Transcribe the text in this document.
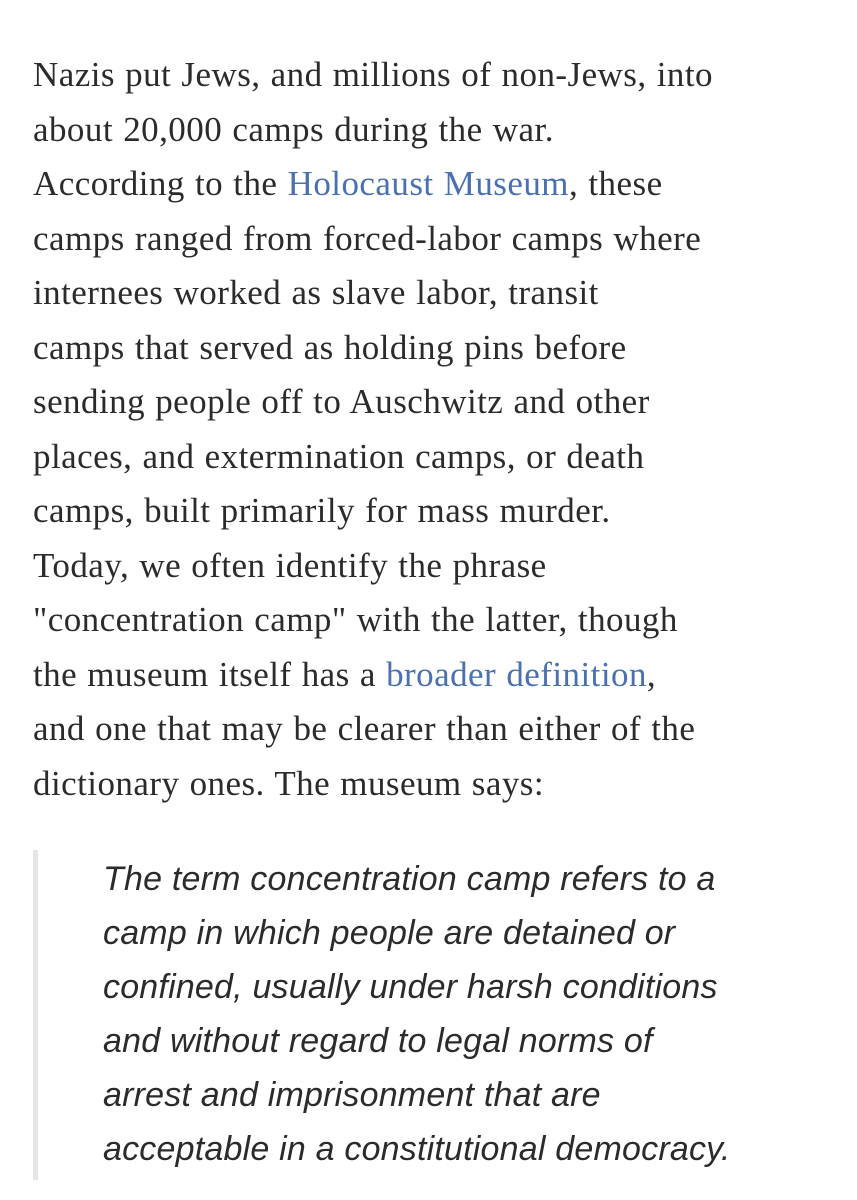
Nazis put Jews, and millions of non-Jews, into
about 20,000 camps during the war.
According to the Holocaust Museum, these
camps ranged from forced-labor camps where
internees worked as slave labor, transit
camps that served as holding pins before
sending people off to Auschwitz and other
places, and extermination camps, or death
camps, built primarily for mass murder.
Today, we often identify the phrase
"concentration camp" with the latter, though
the museum itself has a broader definition,
and one that may be clearer than either of the
dictionary ones. The museum says:

The term concentration camp refers to a
camp in which people are detained or
confined, usually under harsh conditions
and without regard to legal norms of
arrest and imprisonment that are
acceptable in a constitutional democracy.
